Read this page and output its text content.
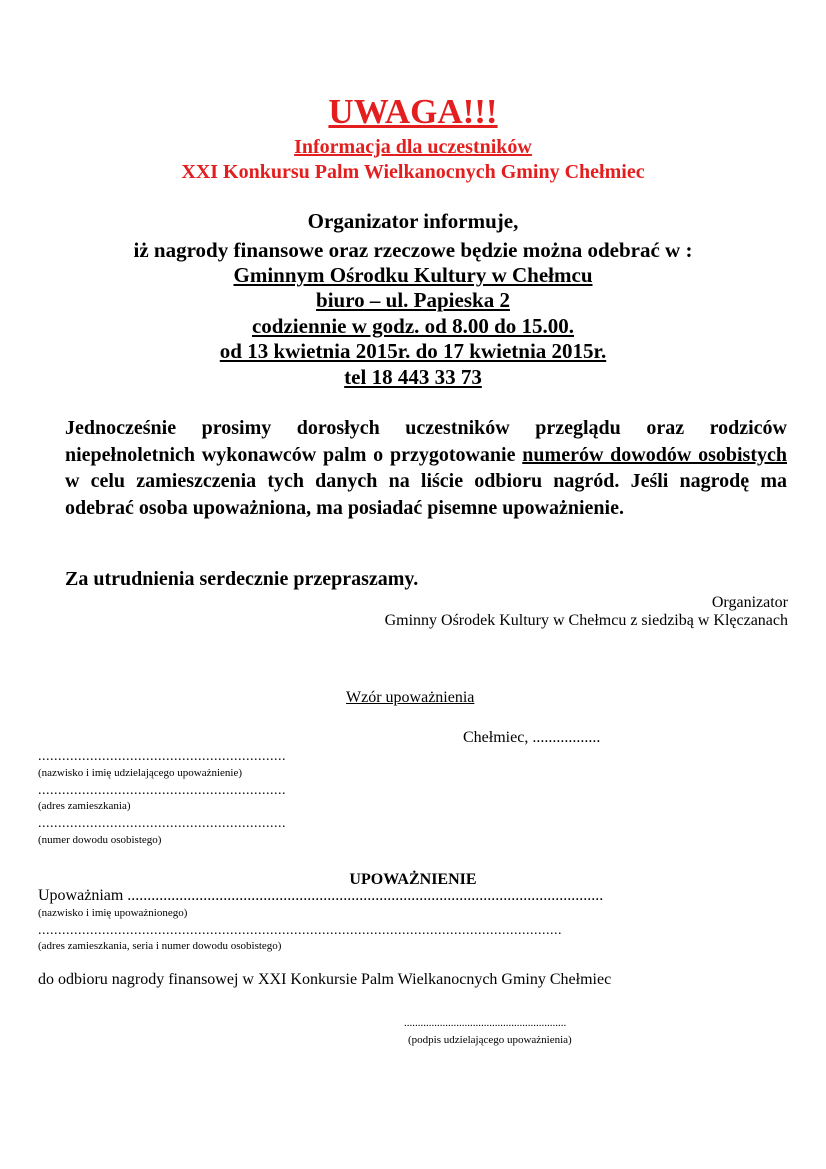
UWAGA!!!
Informacja dla uczestników
XXI Konkursu Palm Wielkanocnych Gminy Chełmiec
Organizator informuje,
iż nagrody finansowe oraz rzeczowe będzie można odebrać w :
Gminnym Ośrodku Kultury w Chełmcu
biuro – ul. Papieska 2
codziennie w godz. od 8.00 do 15.00.
od 13 kwietnia 2015r. do 17 kwietnia 2015r.
tel 18 443 33 73
Jednocześnie prosimy dorosłych uczestników przeglądu oraz rodziców niepełnoletnich wykonawców palm o przygotowanie numerów dowodów osobistych w celu zamieszczenia tych danych na liście odbioru nagród. Jeśli nagrodę ma odebrać osoba upoważniona, ma posiadać pisemne upoważnienie.
Za utrudnienia serdecznie przepraszamy.
Organizator
Gminny Ośrodek Kultury w Chełmcu z siedzibą w Klęczanach
Wzór upoważnienia
Chełmiec, .................
..............................................................
(nazwisko i imię udzielającego upoważnienie)
..............................................................
(adres zamieszkania)
..............................................................
(numer dowodu osobistego)
UPOWAŻNIENIE
Upoważniam .......................................................................................................................
(nazwisko i imię upoważnionego)
...................................................................................................................................
(adres zamieszkania, seria i numer dowodu osobistego)
do odbioru nagrody finansowej w XXI Konkursie Palm Wielkanocnych Gminy Chełmiec
...........................................................
(podpis udzielającego upoważnienia)
